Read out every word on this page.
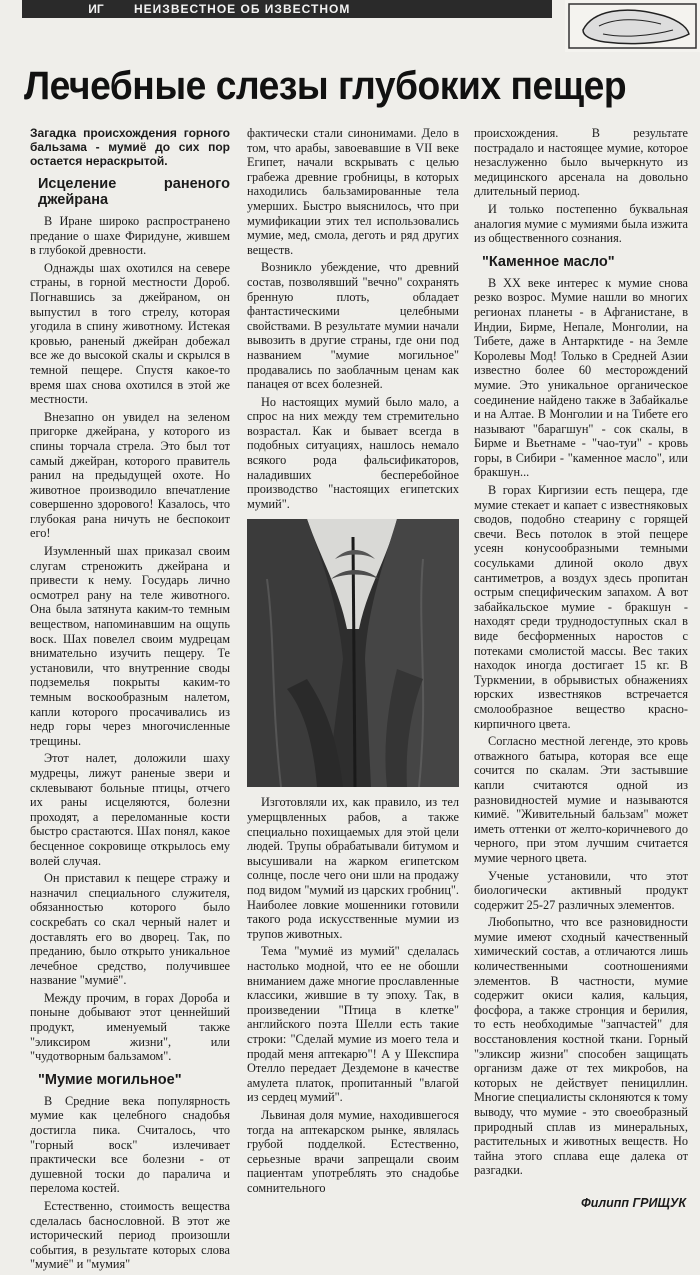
ИГ	НЕИЗВЕСТНОЕ ОБ ИЗВЕСТНОМ
Лечебные слезы глубоких пещер

Загадка происхождения горного бальзама - мумиё до сих пор остается нераскрытой.

Исцеление раненого джейрана

В Иране широко распространено предание о шахе Фиридуне, жившем в глубокой древности.

Однажды шах охотился на севере страны, в горной местности Дороб. Погнавшись за джейраном, он выпустил в того стрелу, которая угодила в спину животному. Истекая кровью, раненый джейран добежал все же до высокой скалы и скрылся в темной пещере. Спустя какое-то время шах снова охотился в этой же местности.

Внезапно он увидел на зеленом пригорке джейрана, у которого из спины торчала стрела. Это был тот самый джейран, которого правитель ранил на предыдущей охоте. Но животное производило впечатление совершенно здорового! Казалось, что глубокая рана ничуть не беспокоит его!

Изумленный шах приказал своим слугам стреножить джейрана и привести к нему. Государь лично осмотрел рану на теле животного. Она была затянута каким-то темным веществом, напоминавшим на ощупь воск. Шах повелел своим мудрецам внимательно изучить пещеру. Те установили, что внутренние своды подземелья покрыты каким-то темным воскообразным налетом, капли которого просачивались из недр горы через многочисленные трещины.

Этот налет, доложили шаху мудрецы, лижут раненые звери и склевывают больные птицы, отчего их раны исцеляются, болезни проходят, а переломанные кости быстро срастаются. Шах понял, какое бесценное сокровище открылось ему волей случая.

Он приставил к пещере стражу и назначил специального служителя, обязанностью которого было соскребать со скал черный налет и доставлять его во дворец. Так, по преданию, было открыто уникальное лечебное средство, получившее название "мумиё".

Между прочим, в горах Дороба и поныне добывают этот ценнейший продукт, именуемый также "эликсиром жизни", или "чудотворным бальзамом".

"Мумие могильное"

В Средние века популярность мумие как целебного снадобья достигла пика. Считалось, что "горный воск" излечивает практически все болезни - от душевной тоски до паралича и перелома костей.

Естественно, стоимость вещества сделалась баснословной. В этот же исторический период произошли события, в результате которых слова "мумиё" и "мумия"

фактически стали синонимами. Дело в том, что арабы, завоевавшие в VII веке Египет, начали вскрывать с целью грабежа древние гробницы, в которых находились бальзамированные тела умерших. Быстро выяснилось, что при мумификации этих тел использовались мумие, мед, смола, деготь и ряд других веществ.

Возникло убеждение, что древний состав, позволявший "вечно" сохранять бренную плоть, обладает фантастическими целебными свойствами. В результате мумии начали вывозить в другие страны, где они под названием "мумие могильное" продавались по заоблачным ценам как панацея от всех болезней.

Но настоящих мумий было мало, а спрос на них между тем стремительно возрастал. Как и бывает всегда в подобных ситуациях, нашлось немало всякого рода фальсификаторов, наладивших бесперебойное производство "настоящих египетских мумий".

Изготовляли их, как правило, из тел умерщвленных рабов, а также специально похищаемых для этой цели людей. Трупы обрабатывали битумом и высушивали на жарком египетском солнце, после чего они шли на продажу под видом "мумий из царских гробниц". Наиболее ловкие мошенники готовили такого рода искусственные мумии из трупов животных.

Тема "мумиё из мумий" сделалась настолько модной, что ее не обошли вниманием даже многие прославленные классики, жившие в ту эпоху. Так, в произведении "Птица в клетке" английского поэта Шелли есть такие строки: "Сделай мумие из моего тела и продай меня аптекарю"! А у Шекспира Отелло передает Дездемоне в качестве амулета платок, пропитанный "влагой из сердец мумий".

Львиная доля мумие, находившегося тогда на аптекарском рынке, являлась грубой подделкой. Естественно, серьезные врачи запрещали своим пациентам употреблять это снадобье сомнительного

происхождения. В результате пострадало и настоящее мумие, которое незаслуженно было вычеркнуто из медицинского арсенала на довольно длительный период.

И только постепенно буквальная аналогия мумие с мумиями была изжита из общественного сознания.

"Каменное масло"

В XX веке интерес к мумие снова резко возрос. Мумие нашли во многих регионах планеты - в Афганистане, в Индии, Бирме, Непале, Монголии, на Тибете, даже в Антарктиде - на Земле Королевы Мод! Только в Средней Азии известно более 60 месторождений мумие. Это уникальное органическое соединение найдено также в Забайкалье и на Алтае. В Монголии и на Тибете его называют "барагшун" - сок скалы, в Бирме и Вьетнаме - "чао-туи" - кровь горы, в Сибири - "каменное масло", или бракшун...

В горах Киргизии есть пещера, где мумие стекает и капает с известняковых сводов, подобно стеарину с горящей свечи. Весь потолок в этой пещере усеян конусообразными темными сосульками длиной около двух сантиметров, а воздух здесь пропитан острым специфическим запахом. А вот забайкальское мумие - бракшун - находят среди труднодоступных скал в виде бесформенных наростов с потеками смолистой массы. Вес таких находок иногда достигает 15 кг. В Туркмении, в обрывистых обнажениях юрских известняков встречается смолообразное вещество красно-кирпичного цвета.

Согласно местной легенде, это кровь отважного батыра, которая все еще сочится по скалам. Эти застывшие капли считаются одной из разновидностей мумие и называются кимиё. "Живительный бальзам" может иметь оттенки от желто-коричневого до черного, при этом лучшим считается мумие черного цвета.

Ученые установили, что этот биологически активный продукт содержит 25-27 различных элементов.

Любопытно, что все разновидности мумие имеют сходный качественный химический состав, а отличаются лишь количественными соотношениями элементов. В частности, мумие содержит окиси калия, кальция, фосфора, а также стронция и берилия, то есть необходимые "запчастей" для восстановления костной ткани. Горный "эликсир жизни" способен защищать организм даже от тех микробов, на которых не действует пенициллин. Многие специалисты склоняются к тому выводу, что мумие - это своеобразный природный сплав из минеральных, растительных и животных веществ. Но тайна этого сплава еще далека от разгадки.

Филипп ГРИЩУК
